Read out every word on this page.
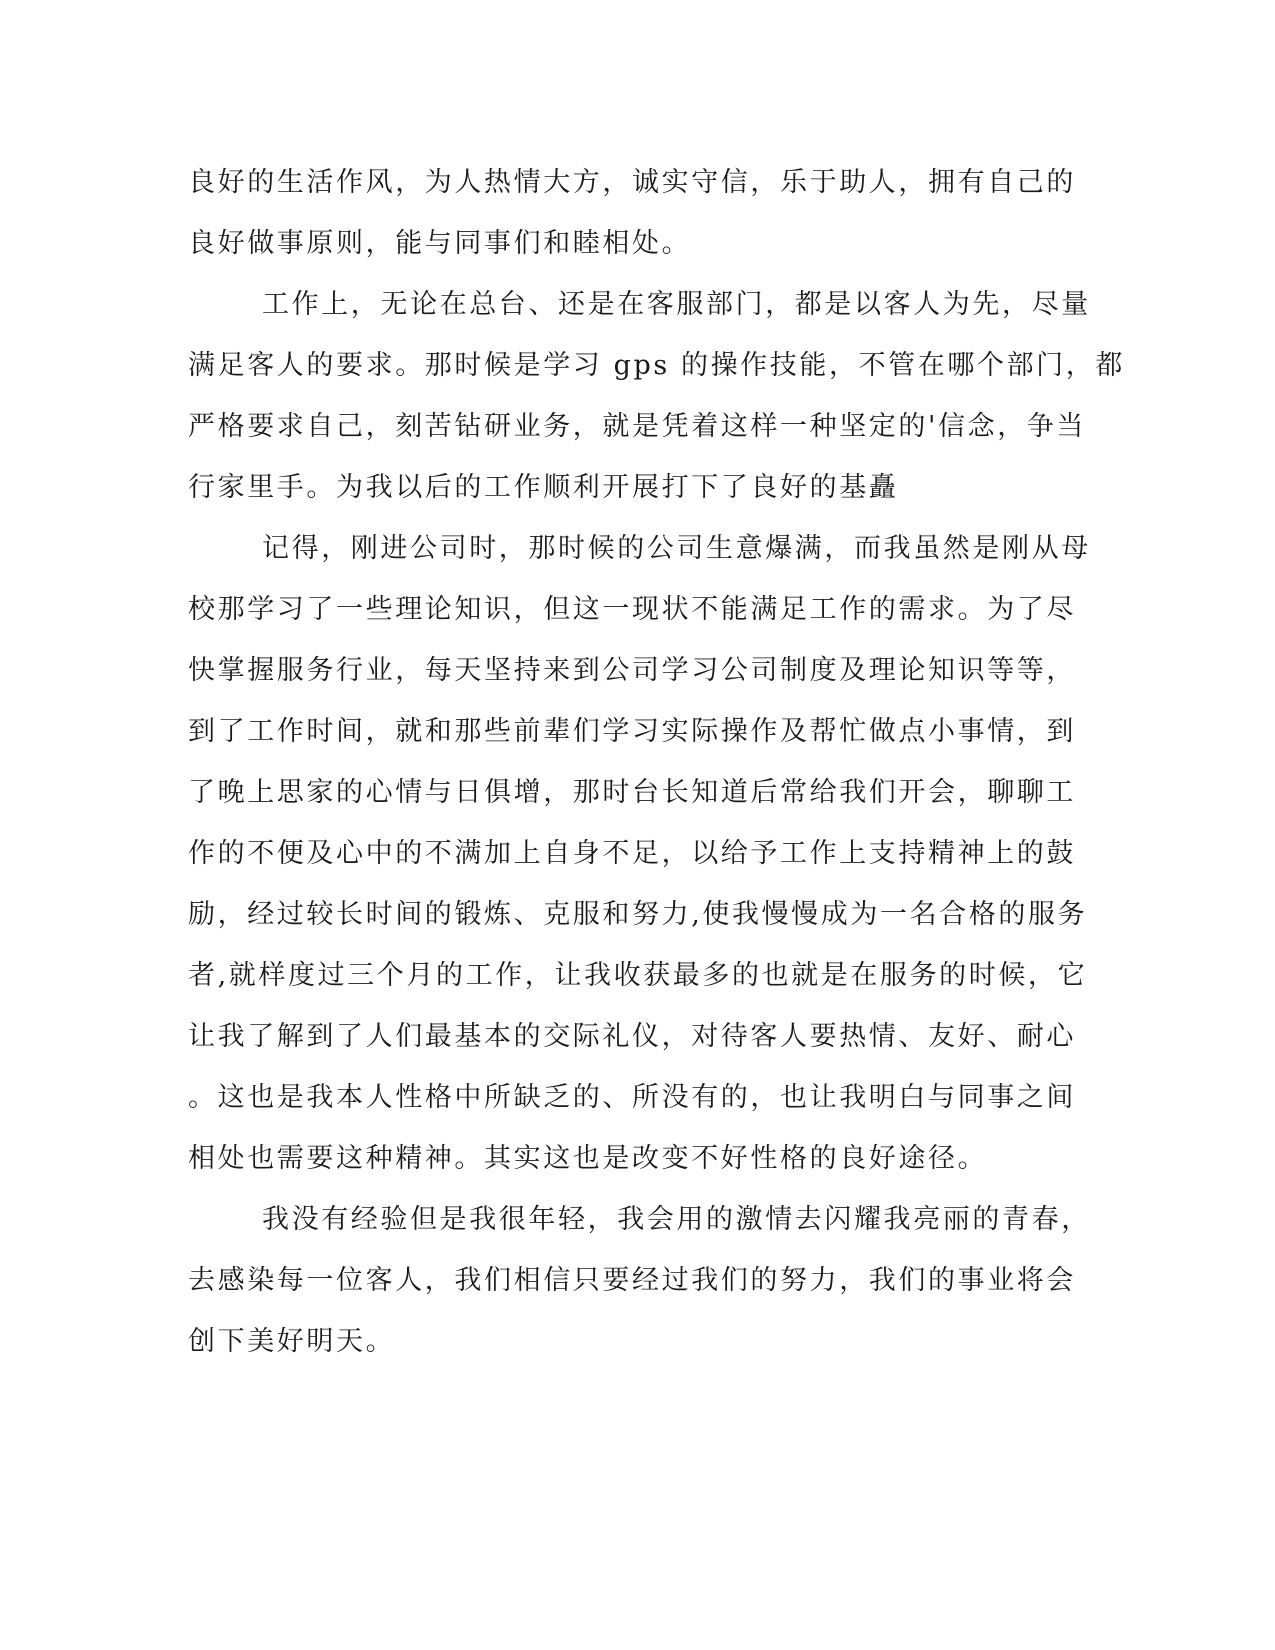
良好的生活作风，为人热情大方，诚实守信，乐于助人，拥有自己的
良好做事原则，能与同事们和睦相处。
工作上，无论在总台、还是在客服部门，都是以客人为先，尽量
满足客人的要求。那时候是学习 gps 的操作技能，不管在哪个部门，都
严格要求自己，刻苦钻研业务，就是凭着这样一种坚定的'信念，争当
行家里手。为我以后的工作顺利开展打下了良好的基矗
记得，刚进公司时，那时候的公司生意爆满，而我虽然是刚从母
校那学习了一些理论知识，但这一现状不能满足工作的需求。为了尽
快掌握服务行业，每天坚持来到公司学习公司制度及理论知识等等，
到了工作时间，就和那些前辈们学习实际操作及帮忙做点小事情，到
了晚上思家的心情与日俱增，那时台长知道后常给我们开会，聊聊工
作的不便及心中的不满加上自身不足，以给予工作上支持精神上的鼓
励，经过较长时间的锻炼、克服和努力,使我慢慢成为一名合格的服务
者,就样度过三个月的工作，让我收获最多的也就是在服务的时候，它
让我了解到了人们最基本的交际礼仪，对待客人要热情、友好、耐心
。这也是我本人性格中所缺乏的、所没有的，也让我明白与同事之间
相处也需要这种精神。其实这也是改变不好性格的良好途径。
我没有经验但是我很年轻，我会用的激情去闪耀我亮丽的青春，
去感染每一位客人，我们相信只要经过我们的努力，我们的事业将会
创下美好明天。
